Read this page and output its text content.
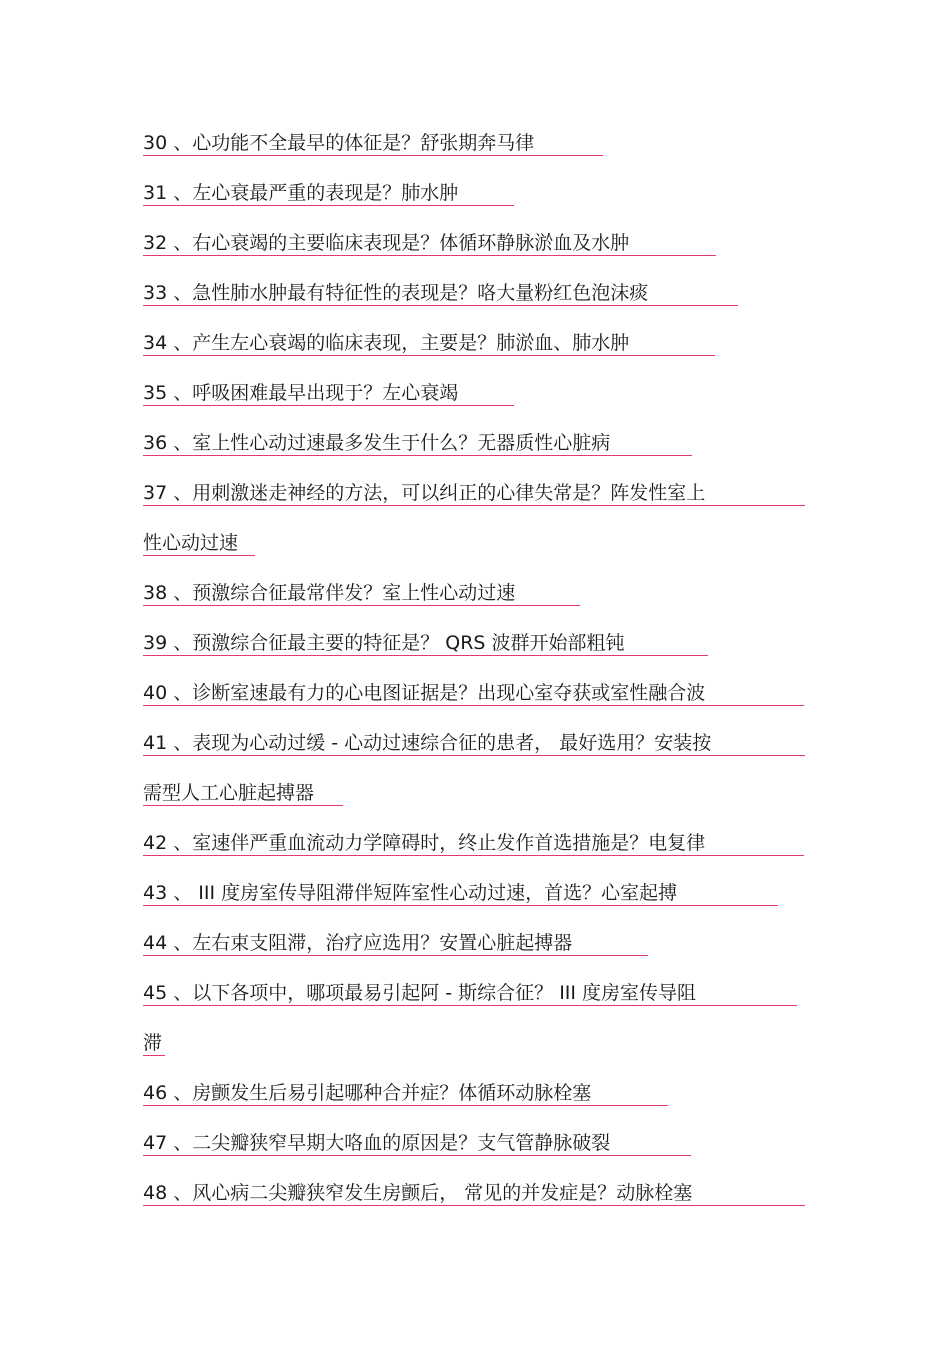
30 、心功能不全最早的体征是？舒张期奔马律
31 、左心衰最严重的表现是？肺水肿
32 、右心衰竭的主要临床表现是？体循环静脉淤血及水肿
33 、急性肺水肿最有特征性的表现是？咯大量粉红色泡沫痰
34 、产生左心衰竭的临床表现，主要是？肺淤血、肺水肿
35 、呼吸困难最早出现于？左心衰竭
36 、室上性心动过速最多发生于什么？无器质性心脏病
37 、用刺激迷走神经的方法，可以纠正的心律失常是？阵发性室上
性心动过速
38 、预激综合征最常伴发？室上性心动过速
39 、预激综合征最主要的特征是？ QRS 波群开始部粗钝
40 、诊断室速最有力的心电图证据是？出现心室夺获或室性融合波
41 、表现为心动过缓 - 心动过速综合征的患者， 最好选用？安装按
需型人工心脏起搏器
42 、室速伴严重血流动力学障碍时，终止发作首选措施是？电复律
43 、 III 度房室传导阻滞伴短阵室性心动过速，首选？心室起搏
44 、左右束支阻滞，治疗应选用？安置心脏起搏器
45 、以下各项中，哪项最易引起阿 - 斯综合征？ III 度房室传导阻
滞
46 、房颤发生后易引起哪种合并症？体循环动脉栓塞
47 、二尖瓣狭窄早期大咯血的原因是？支气管静脉破裂
48 、风心病二尖瓣狭窄发生房颤后， 常见的并发症是？动脉栓塞
